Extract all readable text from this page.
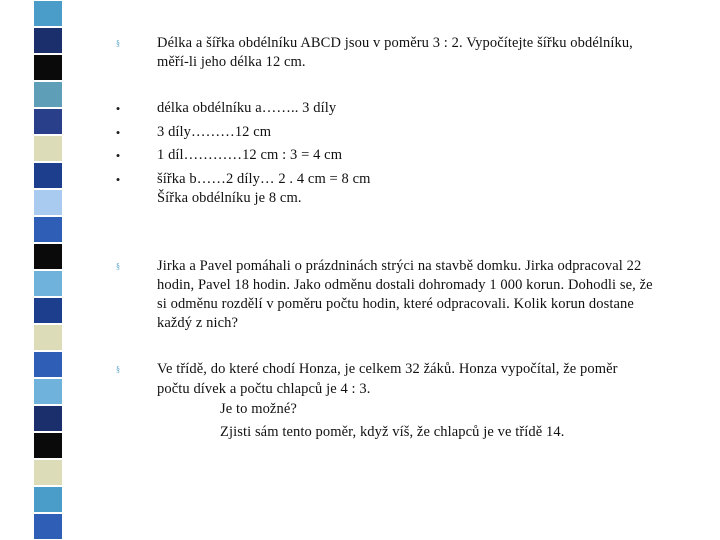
§	Délka a šířka obdélníku ABCD jsou v poměru 3 : 2. Vypočítejte šířku obdélníku,
měří-li jeho délka 12 cm.
•
•
•
•
délka obdélníku a…….. 3 díly
3 díly………12 cm
1 díl…………12 cm : 3 = 4 cm
šířka b……2 díly… 2 . 4 cm = 8 cm
Šířka obdélníku je 8 cm.
§	Jirka a Pavel pomáhali o prázdninách strýci na stavbě domku. Jirka odpracoval 22
hodin, Pavel 18 hodin. Jako odměnu dostali dohromady 1 000 korun. Dohodli se, že
si odměnu rozdělí v poměru počtu hodin, které odpracovali. Kolik korun dostane
každý z nich?
§	Ve třídě, do které chodí Honza, je celkem 32 žáků. Honza vypočítal, že poměr
počtu dívek a počtu chlapců je 4 : 3.
Je to možné?
Zjisti sám tento poměr, když víš, že chlapců je ve třídě 14.
